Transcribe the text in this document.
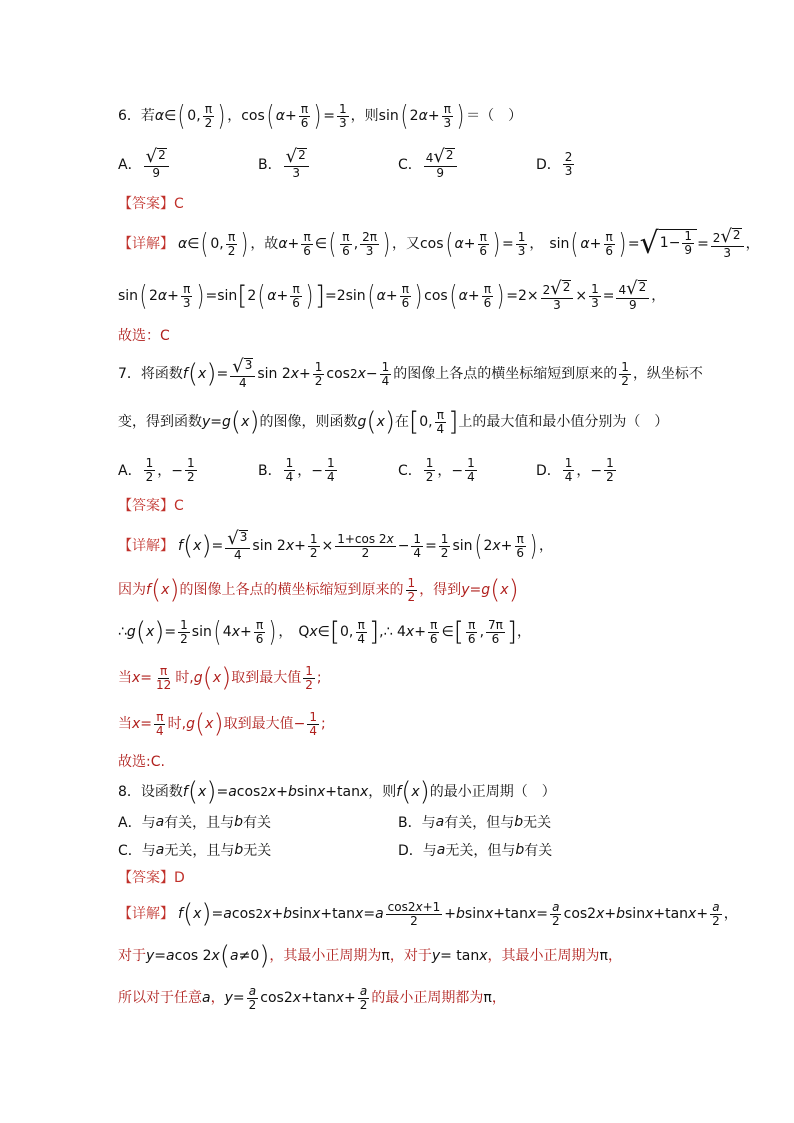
6．若 α ∈ ( 0, $\frac{\pi}{2}$ ) ， cos ( $\alpha + \frac{\pi}{6}$ ) = $\frac{1}{3}$ ，则 sin ( 2 $\alpha + \frac{\pi}{3}$ ) ＝（　）
A． $\frac{√ 2}{9}$	B． $\frac{√ 2}{3}$	C． $\frac{4 √ 2}{9}$	D． $\frac{2}{3}$
【答案】C
【详解】 α ∈ ( 0, $\frac{\pi}{2}$ ) ，故 $\alpha + \frac{\pi}{6}$ ∈ ( $\frac{\pi}{6}$ , $\frac{2\pi}{3}$ ) ，又 cos ( $\alpha + \frac{\pi}{6}$ ) = $\frac{1}{3}$ ，
sin ( $\alpha + \frac{\pi}{6}$ ) = √ $1- \frac{1}{9} = \frac{2 √ 2}{3}$ ，
sin ( 2 $\alpha + \frac{\pi}{3}$ ) =sin [ 2 ( $\alpha + \frac{\pi}{6}$ ) ] =2sin ( $\alpha + \frac{\pi}{6}$ ) cos ( $\alpha + \frac{\pi}{6}$ ) $=2\times \frac{2 √ 2}{3} \times \frac{1}{3} = \frac{4 √ 2}{9}$ ，
故选：C
7．将函数 f ( x ) = $\frac{√ 3}{4}$ sin 2 $x + \frac{1}{2}$ cos 2 $x - \frac{1}{4}$ 的图像上各点的横坐标缩短到原来的 $\frac{1}{2}$ ，纵坐标不
变，得到函数 y = g ( x ) 的图像，则函数 g ( x ) 在 [ 0, $\frac{\pi}{4}$ ] 上的最大值和最小值分别为（　）
A． $\frac{1}{2}$ ，− $\frac{1}{2}$	B． $\frac{1}{4}$ ，− $\frac{1}{4}$	C． $\frac{1}{2}$ ，− $\frac{1}{4}$	D． $\frac{1}{4}$ ，− $\frac{1}{2}$
【答案】C
【详解】 f ( x ) = $\frac{√ 3}{4}$ sin 2 $x + \frac{1}{2} \times \frac{1+\cos 2x}{2} - \frac{1}{4} = \frac{1}{2}$ sin ( 2 $x + \frac{\pi}{6}$ ) ，
因为 f ( x ) 的图像上各点的横坐标缩短到原来的 $\frac{1}{2}$ ，得到 y = g ( x )
∴ g ( x ) = $\frac{1}{2}$ sin ( 4 $x + \frac{\pi}{6}$ ) ， Q x ∈ [ 0, $\frac{\pi}{4}$ ] ,∴ 4 $x + \frac{\pi}{6}$ ∈ [ $\frac{\pi}{6}$ , $\frac{7\pi}{6}$ ] ，
当 $x = \frac{\pi}{12}$ 时, g ( x ) 取到最大值 $\frac{1}{2}$ ;
当 $x = \frac{\pi}{4}$ 时, g ( x ) 取到最大值 − $\frac{1}{4}$ ;
故选:C.
8．设函数 f ( x ) = a cos 2 x + b sin x +tan x ，则 f ( x ) 的最小正周期（　）
A．与 a 有关，且与 b 有关	B．与 a 有关，但与 b 无关
C．与 a 无关，且与 b 无关	D．与 a 无关，但与 b 有关
【答案】D
【详解】 f ( x ) = a cos 2 x + b sin x +tan x = a $\frac{\cos 2x+1}{2} + b$ sin x +tan $x = \frac{a}{2} \cos 2$ x + b sin x +tan $x + \frac{a}{2}$ ，
对于 y = a cos 2 x ( a ≠0 ) ，其最小正周期为 π ，对于 y = tan x ，其最小正周期为 π ，
所以对于任意 a ， $y = \frac{a}{2} \cos 2$ x +tan $x + \frac{a}{2}$ 的最小正周期都为 π ，
